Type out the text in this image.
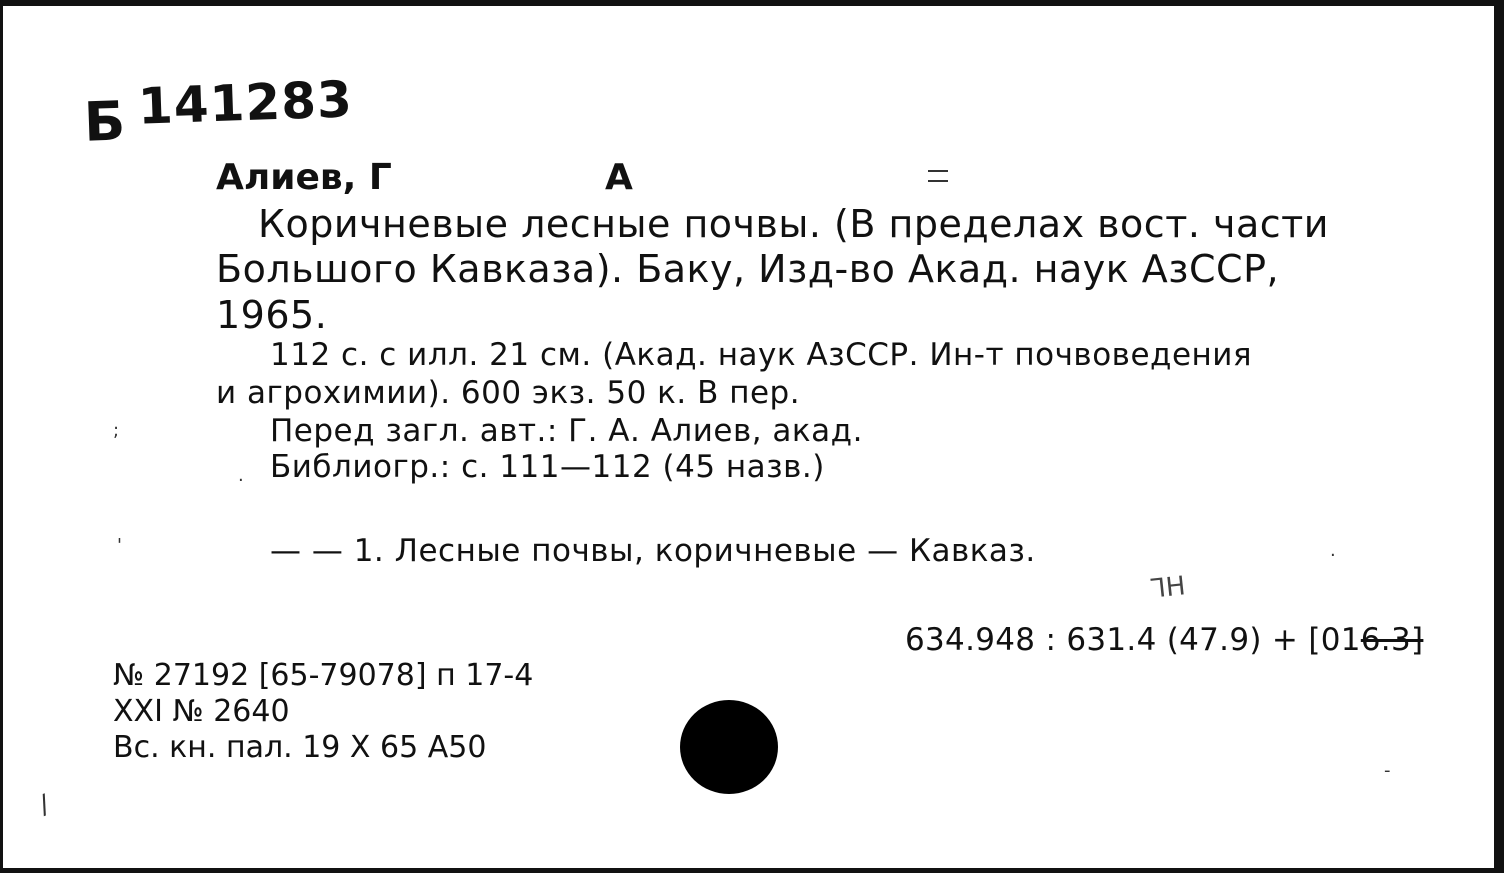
Б 141283
Алиев, Г	А
Коричневые лесные почвы. (В пределах вост. части
Большого Кавказа). Баку, Изд-во Акад. наук АзССР,
1965.
112 с. с илл. 21 см. (Акад. наук АзССР. Ин-т почвоведения
и агрохимии). 600 экз. 50 к. В пер.
Перед загл. авт.: Г. А. Алиев, акад.
Библиогр.: с. 111—112 (45 назв.)
;
.
'	.
-
/
— — 1. Лесные почвы, коричневые — Кавказ.
ᒣᕼ
634.948 : 631.4 (47.9) + [016.3]
№ 27192 [65-79078] п 17-4
XXI № 2640
Вс. кн. пал. 19 X 65 А50
